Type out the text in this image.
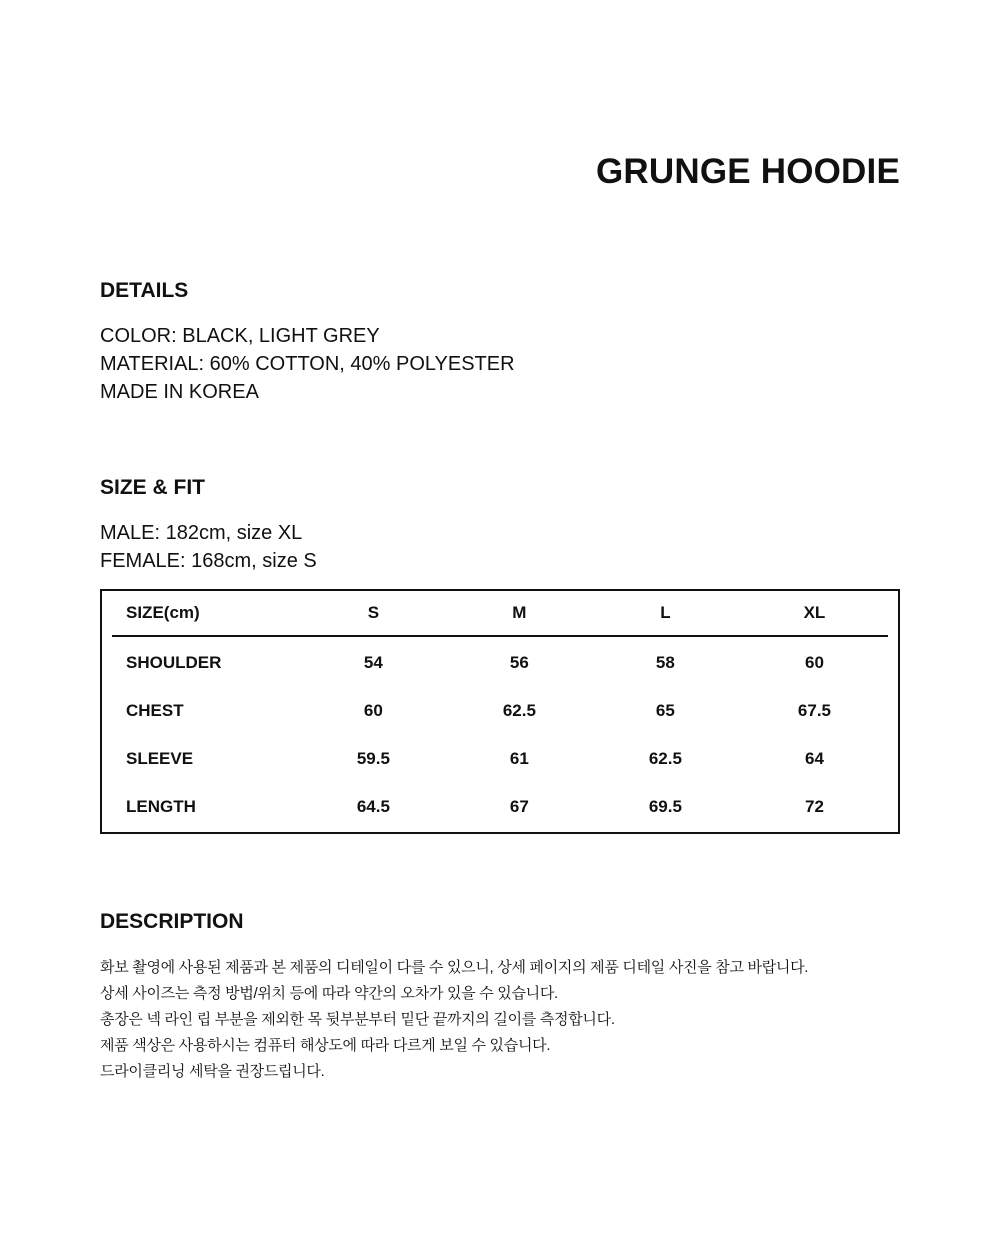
GRUNGE HOODIE
DETAILS
COLOR: BLACK, LIGHT GREY
MATERIAL: 60% COTTON, 40% POLYESTER
MADE IN KOREA
SIZE & FIT
MALE: 182cm, size XL
FEMALE: 168cm, size S
SIZE(cm)	S	M	L	XL
SHOULDER	54	56	58	60
CHEST	60	62.5	65	67.5
SLEEVE	59.5	61	62.5	64
LENGTH	64.5	67	69.5	72
DESCRIPTION
화보 촬영에 사용된 제품과 본 제품의 디테일이 다를 수 있으니, 상세 페이지의 제품 디테일 사진을 참고 바랍니다.
상세 사이즈는 측정 방법/위치 등에 따라 약간의 오차가 있을 수 있습니다.
총장은 넥 라인 립 부분을 제외한 목 뒷부분부터 밑단 끝까지의 길이를 측정합니다.
제품 색상은 사용하시는 컴퓨터 해상도에 따라 다르게 보일 수 있습니다.
드라이클리닝 세탁을 권장드립니다.
